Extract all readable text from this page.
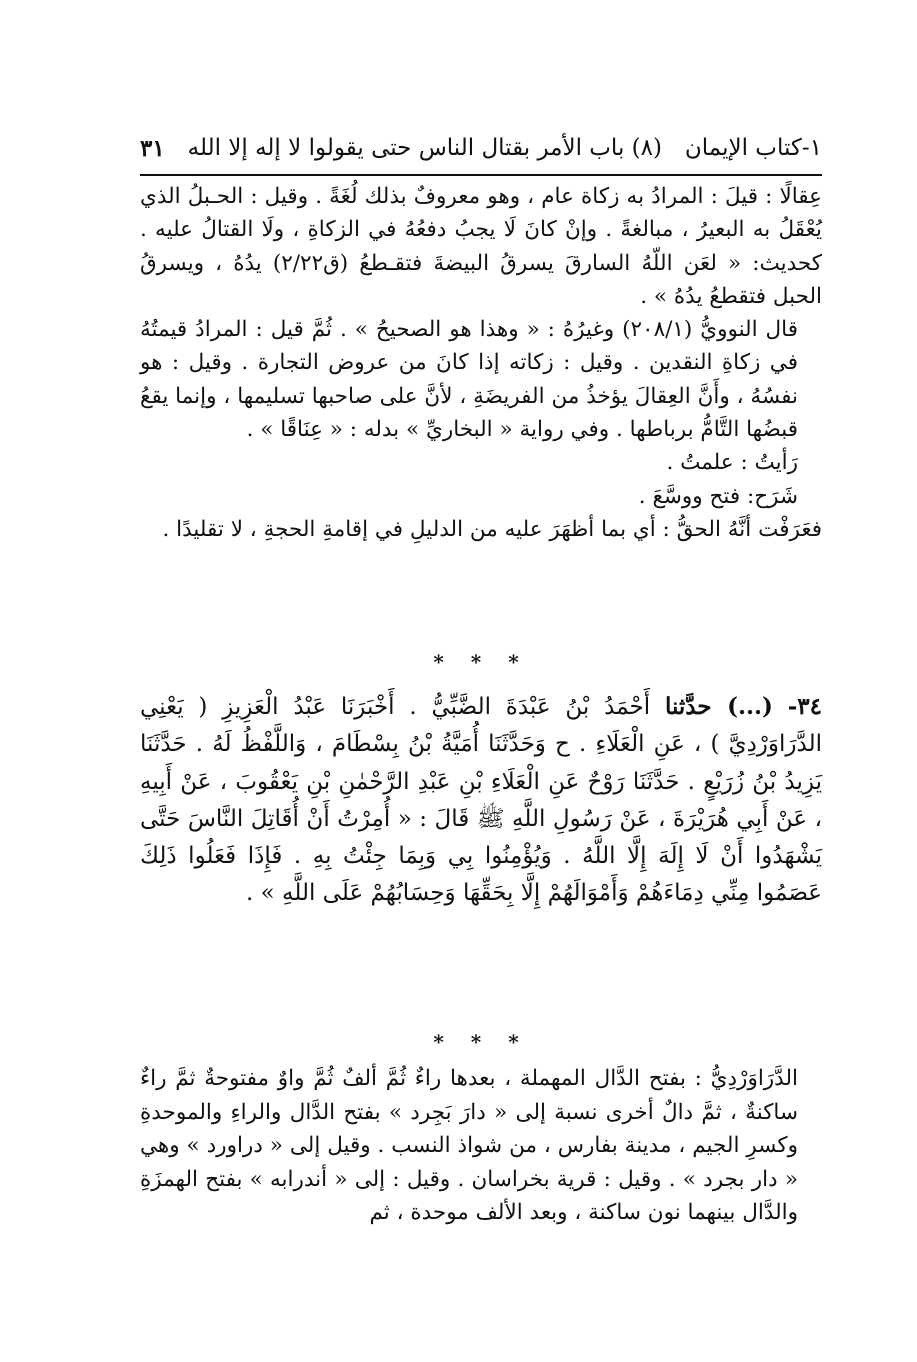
١-كتاب الإيمان
(٨) باب الأمر بقتال الناس حتى يقولوا لا إله إلا الله
٣١

عِقالًا : قيلَ : المرادُ به زكاة عام ، وهو معروفٌ بذلك لُغَةً . وقيل : الحـبلُ الذي يُعْقَلُ به البعيرُ ، مبالغةً . وإنْ كانَ لَا يجبُ دفعُهُ في الزكاةِ ، ولَا القتالُ عليه . كحديث: « لعَن اللّهُ السارقَ يسرقُ البيضةَ فتقـطعُ (ق٢/٢٢) يدُهُ ، ويسرقُ الحبل فتقطعُ يدُهُ » .

قال النوويُّ (٢٠٨/١) وغيرُهُ : « وهذا هو الصحيحُ » . ثُمَّ قيل : المرادُ قيمتُهُ في زكاةِ النقدين . وقيل : زكاته إذا كانَ من عروض التجارة . وقيل : هو نفسُهُ ، وأَنَّ العِقالَ يؤخذُ من الفريضَةِ ، لأنَّ على صاحبها تسليمها ، وإنما يقعُ قبضُها التَّامُّ برباطها . وفي رواية « البخاريِّ » بدله : « عِنَاقًا » .

رَأيتُ : علمتُ .

شَرَح: فتح ووسَّعَ .

فعَرَفْت أنَّهُ الحقُّ : أي بما أظهَرَ عليه من الدليلِ في إقامةِ الحجةِ ، لا تقليدًا .

* * *

٣٤- (...) حدَّثنا أَحْمَدُ بْنُ عَبْدَةَ الضَّبِّيُّ . أَخْبَرَنَا عَبْدُ الْعَزِيزِ ( يَعْنِي الدَّرَاوَرْدِيَّ ) ، عَنِ الْعَلَاءِ . ح وَحَدَّثَنَا أُمَيَّةُ بْنُ بِسْطَامَ ، وَاللَّفْظُ لَهُ . حَدَّثَنَا يَزِيدُ بْنُ زُرَيْعٍ . حَدَّثَنَا رَوْحٌ عَنِ الْعَلَاءِ بْنِ عَبْدِ الرَّحْمٰنِ بْنِ يَعْقُوبَ ، عَنْ أَبِيهِ ، عَنْ أَبِي هُرَيْرَةَ ، عَنْ رَسُولِ اللَّهِ ﷺ قَالَ : « أُمِرْتُ أَنْ أُقَاتِلَ النَّاسَ حَتَّى يَشْهَدُوا أَنْ لَا إِلَهَ إِلَّا اللَّهُ . وَيُؤْمِنُوا بِي وَبِمَا جِئْتُ بِهِ . فَإِذَا فَعَلُوا ذَلِكَ عَصَمُوا مِنِّي دِمَاءَهُمْ وَأَمْوَالَهُمْ إِلَّا بِحَقِّهَا وَحِسَابُهُمْ عَلَى اللَّهِ » .

* * *

الدَّرَاوَرْدِيُّ : بفتح الدَّال المهملة ، بعدها راءٌ ثُمَّ ألفٌ ثُمَّ واوٌ مفتوحةٌ ثمَّ راءٌ ساكنةٌ ، ثمَّ دالٌ أخرى نسبة إلى « دارَ بَجِرد » بفتح الدَّال والراءِ والموحدةِ وكسرِ الجيم ، مدينة بفارس ، من شواذ النسب . وقيل إلى « دراورد » وهي « دار بجرد » . وقيل : قرية بخراسان . وقيل : إلى « أندرابه » بفتح الهمزَةِ والدَّال بينهما نون ساكنة ، وبعد الألف موحدة ، ثم
